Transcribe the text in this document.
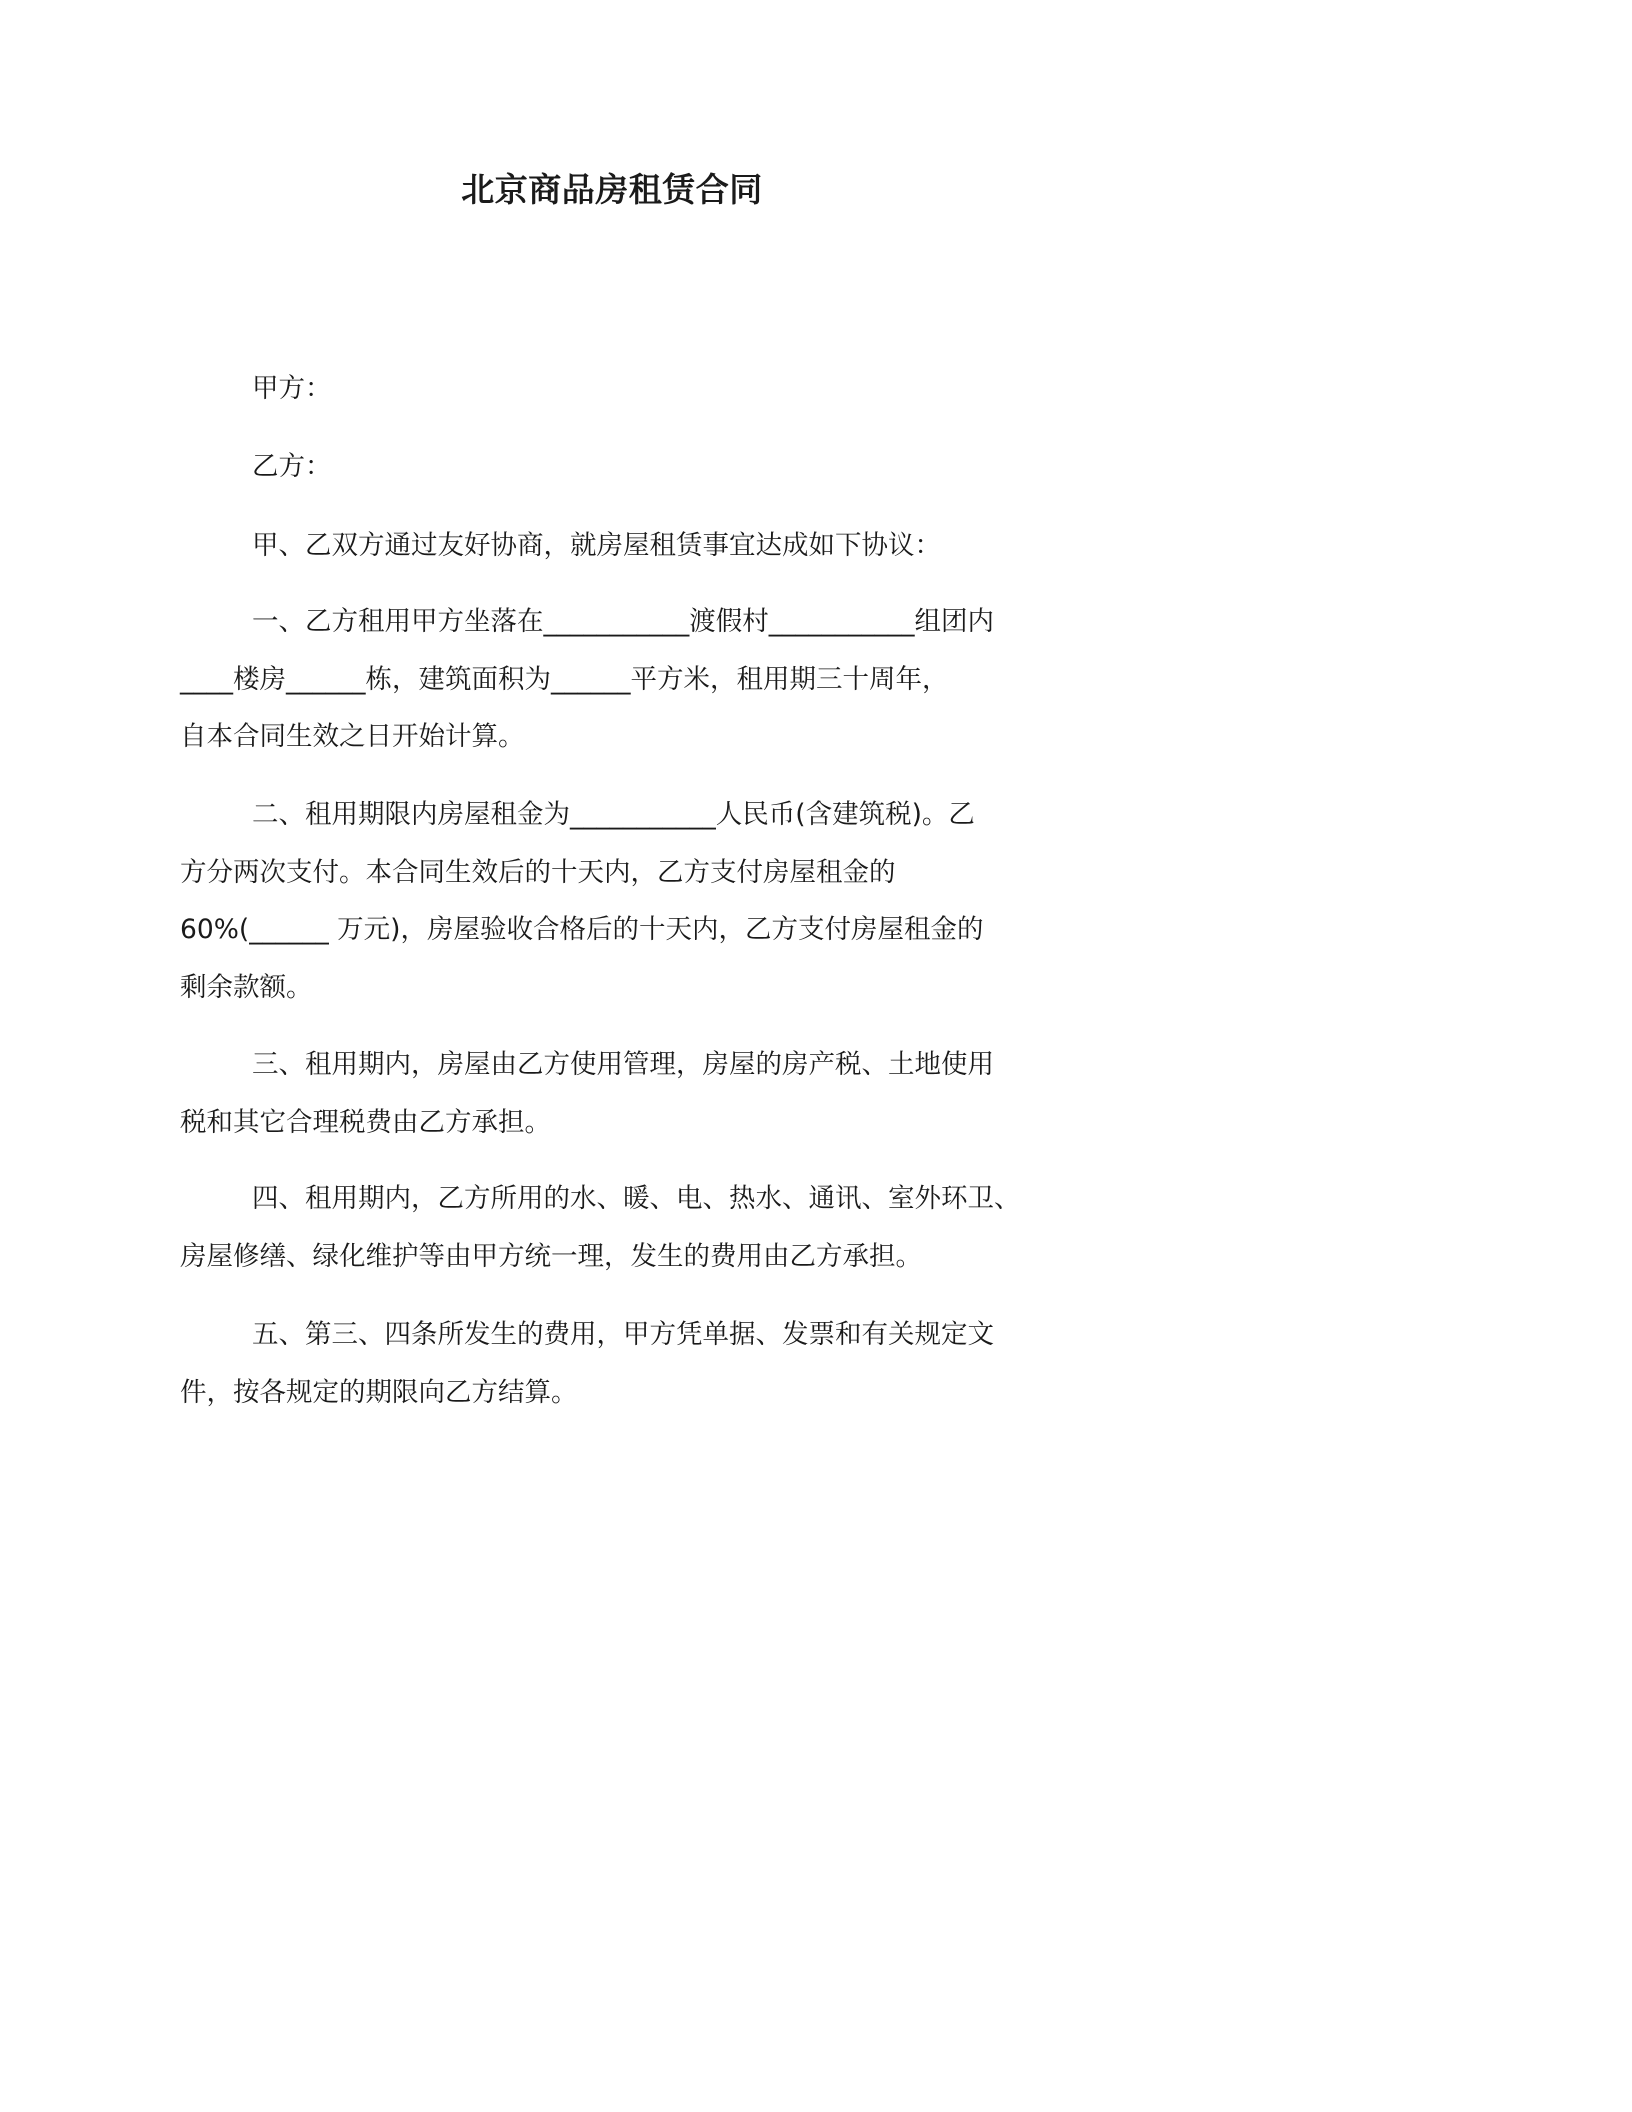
北京商品房租赁合同

甲方：

乙方：

甲、乙双方通过友好协商，就房屋租赁事宜达成如下协议：

一、乙方租用甲方坐落在___________渡假村___________组团内
____楼房______栋，建筑面积为______平方米，租用期三十周年，
自本合同生效之日开始计算。

二、租用期限内房屋租金为___________人民币(含建筑税)。乙
方分两次支付。本合同生效后的十天内，乙方支付房屋租金的
60%(______ 万元)，房屋验收合格后的十天内，乙方支付房屋租金的
剩余款额。

三、租用期内，房屋由乙方使用管理，房屋的房产税、土地使用
税和其它合理税费由乙方承担。

四、租用期内，乙方所用的水、暖、电、热水、通讯、室外环卫、
房屋修缮、绿化维护等由甲方统一理，发生的费用由乙方承担。

五、第三、四条所发生的费用，甲方凭单据、发票和有关规定文
件，按各规定的期限向乙方结算。
